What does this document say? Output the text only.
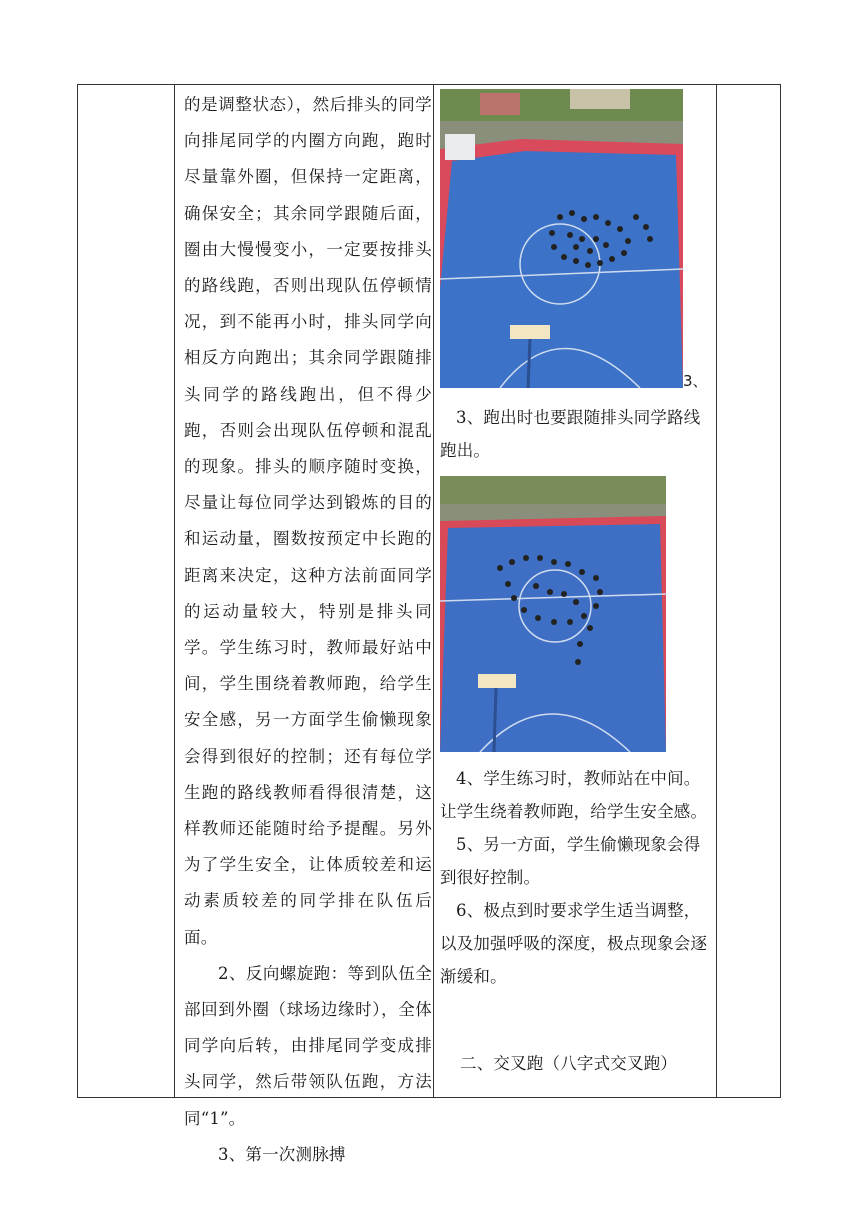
的是调整状态），然后排头的同学向排尾同学的内圈方向跑，跑时尽量靠外圈，但保持一定距离，确保安全；其余同学跟随后面，圈由大慢慢变小，一定要按排头的路线跑，否则出现队伍停顿情况，到不能再小时，排头同学向相反方向跑出；其余同学跟随排头同学的路线跑出，但不得少跑，否则会出现队伍停顿和混乱的现象。排头的顺序随时变换，尽量让每位同学达到锻炼的目的和运动量，圈数按预定中长跑的距离来决定，这种方法前面同学的运动量较大，特别是排头同学。学生练习时，教师最好站中间，学生围绕着教师跑，给学生安全感，另一方面学生偷懒现象会得到很好的控制；还有每位学生跑的路线教师看得很清楚，这样教师还能随时给予提醒。另外为了学生安全，让体质较差和运动素质较差的同学排在队伍后面。

2、反向螺旋跑：等到队伍全部回到外圈（球场边缘时），全体同学向后转，由排尾同学变成排头同学，然后带领队伍跑，方法同“1”。

3、第一次测脉搏

3、

3、跑出时也要跟随排头同学路线跑出。

4、学生练习时，教师站在中间。让学生绕着教师跑，给学生安全感。

5、另一方面，学生偷懒现象会得到很好控制。

6、极点到时要求学生适当调整，以及加强呼吸的深度，极点现象会逐渐缓和。

二、交叉跑（八字式交叉跑）
